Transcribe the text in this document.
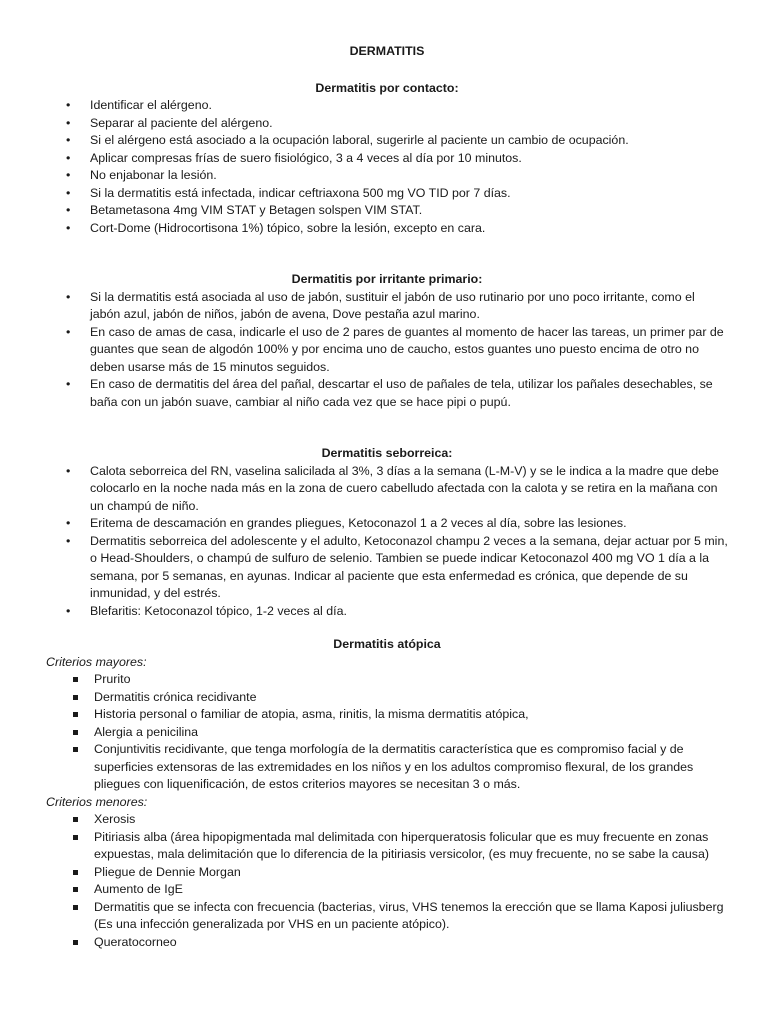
DERMATITIS
Dermatitis por contacto:
• Identificar el alérgeno.
• Separar al paciente del alérgeno.
• Si el alérgeno está asociado a la ocupación laboral, sugerirle al paciente un cambio de ocupación.
• Aplicar compresas frías de suero fisiológico, 3 a 4 veces al día por 10 minutos.
• No enjabonar la lesión.
• Si la dermatitis está infectada, indicar ceftriaxona 500 mg VO TID por 7 días.
• Betametasona 4mg VIM STAT y Betagen solspen VIM STAT.
• Cort-Dome (Hidrocortisona 1%) tópico, sobre la lesión, excepto en cara.
Dermatitis por irritante primario:
• Si la dermatitis está asociada al uso de jabón, sustituir el jabón de uso rutinario por uno poco irritante, como el jabón azul, jabón de niños, jabón de avena, Dove pestaña azul marino.
• En caso de amas de casa, indicarle el uso de 2 pares de guantes al momento de hacer las tareas, un primer par de guantes que sean de algodón 100% y por encima uno de caucho, estos guantes uno puesto encima de otro no deben usarse más de 15 minutos seguidos.
• En caso de dermatitis del área del pañal, descartar el uso de pañales de tela, utilizar los pañales desechables, se baña con un jabón suave, cambiar al niño cada vez que se hace pipi o pupú.
Dermatitis seborreica:
• Calota seborreica del RN, vaselina salicilada al 3%, 3 días a la semana (L-M-V) y se le indica a la madre que debe colocarlo en la noche nada más en la zona de cuero cabelludo afectada con la calota y se retira en la mañana con un champú de niño.
• Eritema de descamación en grandes pliegues, Ketoconazol 1 a 2 veces al día, sobre las lesiones.
• Dermatitis seborreica del adolescente y el adulto, Ketoconazol champu 2 veces a la semana, dejar actuar por 5 min, o Head-Shoulders, o champú de sulfuro de selenio. Tambien se puede indicar Ketoconazol 400 mg VO 1 día a la semana, por 5 semanas, en ayunas. Indicar al paciente que esta enfermedad es crónica, que depende de su inmunidad, y del estrés.
• Blefaritis: Ketoconazol tópico, 1-2 veces al día.
Dermatitis atópica
Criterios mayores:
Prurito
Dermatitis crónica recidivante
Historia personal o familiar de atopia, asma, rinitis, la misma dermatitis atópica,
Alergia a penicilina
Conjuntivitis recidivante, que tenga morfología de la dermatitis característica que es compromiso facial y de superficies extensoras de las extremidades en los niños y en los adultos compromiso flexural, de los grandes pliegues con liquenificación, de estos criterios mayores se necesitan 3 o más.
Criterios menores:
Xerosis
Pitiriasis alba (área hipopigmentada mal delimitada con hiperqueratosis folicular que es muy frecuente en zonas expuestas, mala delimitación que lo diferencia de la pitiriasis versicolor, (es muy frecuente, no se sabe la causa)
Pliegue de Dennie Morgan
Aumento de IgE
Dermatitis que se infecta con frecuencia (bacterias, virus, VHS tenemos la erección que se llama Kaposi juliusberg (Es una infección generalizada por VHS en un paciente atópico).
Queratocorneo
